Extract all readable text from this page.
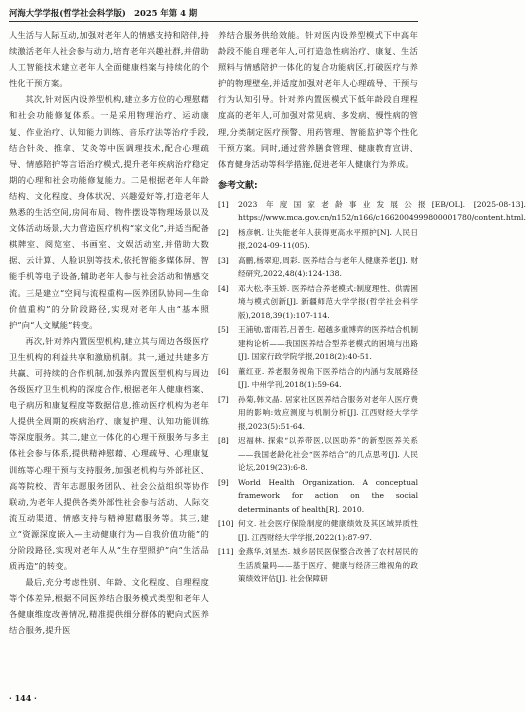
河海大学学报(哲学社会科学版)　2025 年第 4 期

人生活与人际互动,加强对老年人的情感支持和陪伴,持续激活老年人社会参与动力,培育老年兴趣社群,并借助人工智能技术建立老年人全面健康档案与持续化的个性化干预方案。

其次,针对医内设养型机构,建立多方位的心理慰藉和社会功能修复体系。一是采用物理治疗、运动康复、作业治疗、认知能力训练、音乐疗法等治疗手段,结合针灸、推拿、艾灸等中医调理技术,配合心理疏导、情感陪护等言语治疗模式,提升老年疾病治疗稳定期的心理和社会功能修复能力。二是根据老年人年龄结构、文化程度、身体状况、兴趣爱好等,打造老年人熟悉的生活空间,房间布局、物件摆设等物理场景以及文体活动场景,大力营造医疗机构“家文化”,并适当配备棋牌室、阅览室、书画室、文娱活动室,并借助大数据、云计算、人脸识别等技术,依托智能多媒体屏、智能手机等电子设备,辅助老年人参与社会活动和情感交流。三是建立“空间与流程重构—医养团队协同—生命价值重构”的分阶段路径,实现对老年人由“基本照护”向“人文赋能”转变。

再次,针对养内置医型机构,建立其与周边各级医疗卫生机构的利益共享和激励机制。其一,通过共建多方共赢、可持续的合作机制,加强养内置医型机构与周边各级医疗卫生机构的深度合作,根据老年人健康档案、电子病历和康复程度等数据信息,推动医疗机构为老年人提供全周期的疾病治疗、康复护理、认知功能训练等深度服务。其二,建立一体化的心理干预服务与多主体社会参与体系,提供精神慰藉、心理疏导、心理康复训练等心理干预与支持服务,加强老机构与外部社区、高等院校、青年志愿服务团队、社会公益组织等协作联动,为老年人提供各类外部性社会参与活动、人际交流互动渠道、情感支持与精神慰藉服务等。其三,建立“资源深度嵌入—主动健康行为—自我价值功能”的分阶段路径,实现对老年人从“生存型照护”向“生活品质再造”的转变。

最后,充分考虑性别、年龄、文化程度、自理程度等个体差异,根据不同医养结合服务模式类型和老年人各健康维度改善情况,精准提供细分群体的靶向式医养结合服务,提升医

养结合服务供给效能。针对医内设养型模式下中高年龄段不能自理老年人,可打造急性病治疗、康复、生活照料与情感陪护一体化的复合功能病区,打破医疗与养护的物理壁垒,并适度加强对老年人心理疏导、干预与行为认知引导。针对养内置医模式下低年龄段自理程度高的老年人,可加强对常见病、多发病、慢性病的管理,分类制定医疗预警、用药管理、智能监护等个性化干预方案。同时,通过营养膳食管理、健康教育宣讲、体育健身活动等科学措施,促进老年人健康行为养成。

参考文献:
[1]	2023 年度国家老龄事业发展公报[EB/OL]. [2025-08-13]. https://www.mca.gov.cn/n152/n166/c1662004999800001780/content.html.
[2]	杨彦帆. 让失能老年人获得更高水平照护[N]. 人民日报,2024-09-11(05).
[3]	高鹏,杨翠迎,周彩. 医养结合与老年人健康养老[J]. 财经研究,2022,48(4):124-138.
[4]	邓大松,李玉娇. 医养结合养老模式:制度理性、供需困境与模式创新[J]. 新疆师范大学学报(哲学社会科学版),2018,39(1):107-114.
[5]	王浦劬,雷雨若,吕普生. 超越多重博弈的医养结合机制建构论析——我国医养结合型养老模式的困境与出路[J]. 国家行政学院学报,2018(2):40-51.
[6]	董红亚. 养老服务视角下医养结合的内涵与发展路径[J]. 中州学刊,2018(1):59-64.
[7]	孙菊,韩文晶. 居家社区医养结合服务对老年人医疗费用的影响:效应测度与机制分析[J]. 江西财经大学学报,2023(5):51-64.
[8]	迟福林. 探索“以养带医,以医助养”的新型医养关系——我国老龄化社会“医养结合”的几点思考[J]. 人民论坛,2019(23):6-8.
[9]	World Health Organization. A conceptual framework for action on the social determinants of health[R]. 2010.
[10] 何文. 社会医疗保险制度的健康绩效及其区域异质性[J]. 江西财经大学学报,2022(1):87-97.
[11] 金燕华,刘星杰. 城乡居民医保整合改善了农村居民的生活质量吗——基于医疗、健康与经济三维视角的政策绩效评估[J]. 社会保障研
· 144 ·
